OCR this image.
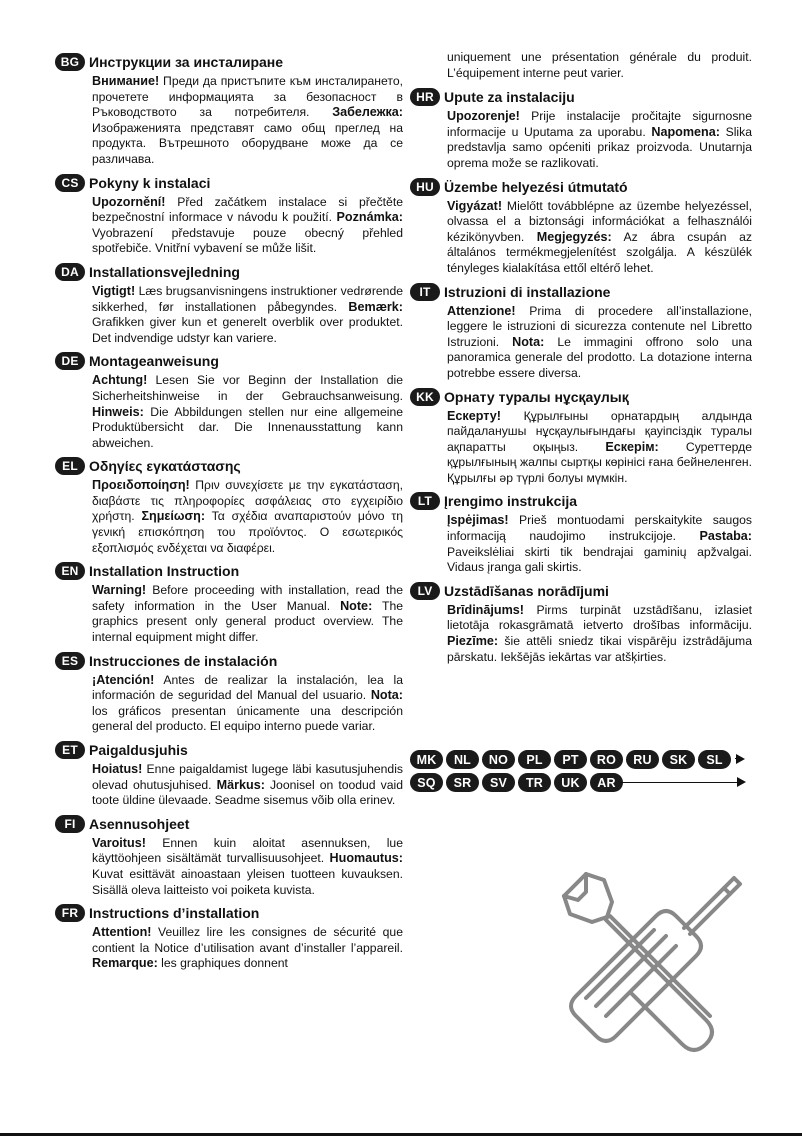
BG Инструкции за инсталиране
Внимание! Преди да пристъпите към инсталирането, прочетете информацията за безопасност в Ръководството за потребителя. Забележка: Изображенията представят само общ преглед на продукта. Вътрешното оборудване може да се различава.
CS Pokyny k instalaci
Upozornění! Před začátkem instalace si přečtěte bezpečnostní informace v návodu k použití. Poznámka: Vyobrazení představuje pouze obecný přehled spotřebiče. Vnitřní vybavení se může lišit.
DA Installationsvejledning
Vigtigt! Læs brugsanvisningens instruktioner vedrørende sikkerhed, før installationen påbegyndes. Bemærk: Grafikken giver kun et generelt overblik over produktet. Det indvendige udstyr kan variere.
DE Montageanweisung
Achtung! Lesen Sie vor Beginn der Installation die Sicherheitshinweise in der Gebrauchsanweisung. Hinweis: Die Abbildungen stellen nur eine allgemeine Produktübersicht dar. Die Innenausstattung kann abweichen.
EL Οδηγίες εγκατάστασης
Προειδοποίηση! Πριν συνεχίσετε με την εγκατάσταση, διαβάστε τις πληροφορίες ασφάλειας στο εγχειρίδιο χρήστη. Σημείωση: Τα σχέδια αναπαριστούν μόνο τη γενική επισκόπηση του προϊόντος. Ο εσωτερικός εξοπλισμός ενδέχεται να διαφέρει.
EN Installation Instruction
Warning! Before proceeding with installation, read the safety information in the User Manual. Note: The graphics present only general product overview. The internal equipment might differ.
ES Instrucciones de instalación
¡Atención! Antes de realizar la instalación, lea la información de seguridad del Manual del usuario. Nota: los gráficos presentan únicamente una descripción general del producto. El equipo interno puede variar.
ET Paigaldusjuhis
Hoiatus! Enne paigaldamist lugege läbi kasutusjuhendis olevad ohutusjuhised. Märkus: Joonisel on toodud vaid toote üldine ülevaade. Seadme sisemus võib olla erinev.
FI Asennusohjeet
Varoitus! Ennen kuin aloitat asennuksen, lue käyttöohjeen sisältämät turvallisuusohjeet. Huomautus: Kuvat esittävät ainoastaan yleisen tuotteen kuvauksen. Sisällä oleva laitteisto voi poiketa kuvista.
FR Instructions d’installation
Attention! Veuillez lire les consignes de sécurité que contient la Notice d’utilisation avant d’installer l’appareil. Remarque: les graphiques donnent
uniquement une présentation générale du produit. L’équipement interne peut varier.
HR Upute za instalaciju
Upozorenje! Prije instalacije pročitajte sigurnosne informacije u Uputama za uporabu. Napomena: Slika predstavlja samo općeniti prikaz proizvoda. Unutarnja oprema može se razlikovati.
HU Üzembe helyezési útmutató
Vigyázat! Mielőtt továbblépne az üzembe helyezéssel, olvassa el a biztonsági információkat a felhasználói kézikönyvben. Megjegyzés: Az ábra csupán az általános termékmegjelenítést szolgálja. A készülék tényleges kialakítása ettől eltérő lehet.
IT Istruzioni di installazione
Attenzione! Prima di procedere all’installazione, leggere le istruzioni di sicurezza contenute nel Libretto Istruzioni. Nota: Le immagini offrono solo una panoramica generale del prodotto. La dotazione interna potrebbe essere diversa.
KK Орнату туралы нұсқаулық
Ескерту! Құрылғыны орнатардың алдында пайдаланушы нұсқаулығындағы қауіпсіздік туралы ақпаратты оқыңыз. Ескерім: Суреттерде құрылғының жалпы сыртқы көрінісі ғана бейнеленген. Құрылғы әр түрлі болуы мүмкін.
LT Įrengimo instrukcija
Įspėjimas! Prieš montuodami perskaitykite saugos informaciją naudojimo instrukcijoje. Pastaba: Paveikslėliai skirti tik bendrajai gaminių apžvalgai. Vidaus įranga gali skirtis.
LV Uzstādīšanas norādījumi
Brīdinājums! Pirms turpināt uzstādīšanu, izlasiet lietotāja rokasgrāmatā ietverto drošības informāciju. Piezīme: šie attēli sniedz tikai vispārēju izstrādājuma pārskatu. Iekšējās iekārtas var atšķirties.
MK	NL	NO	PL	PT	RO	RU	SK	SL
SQ	SR	SV	TR	UK	AR
